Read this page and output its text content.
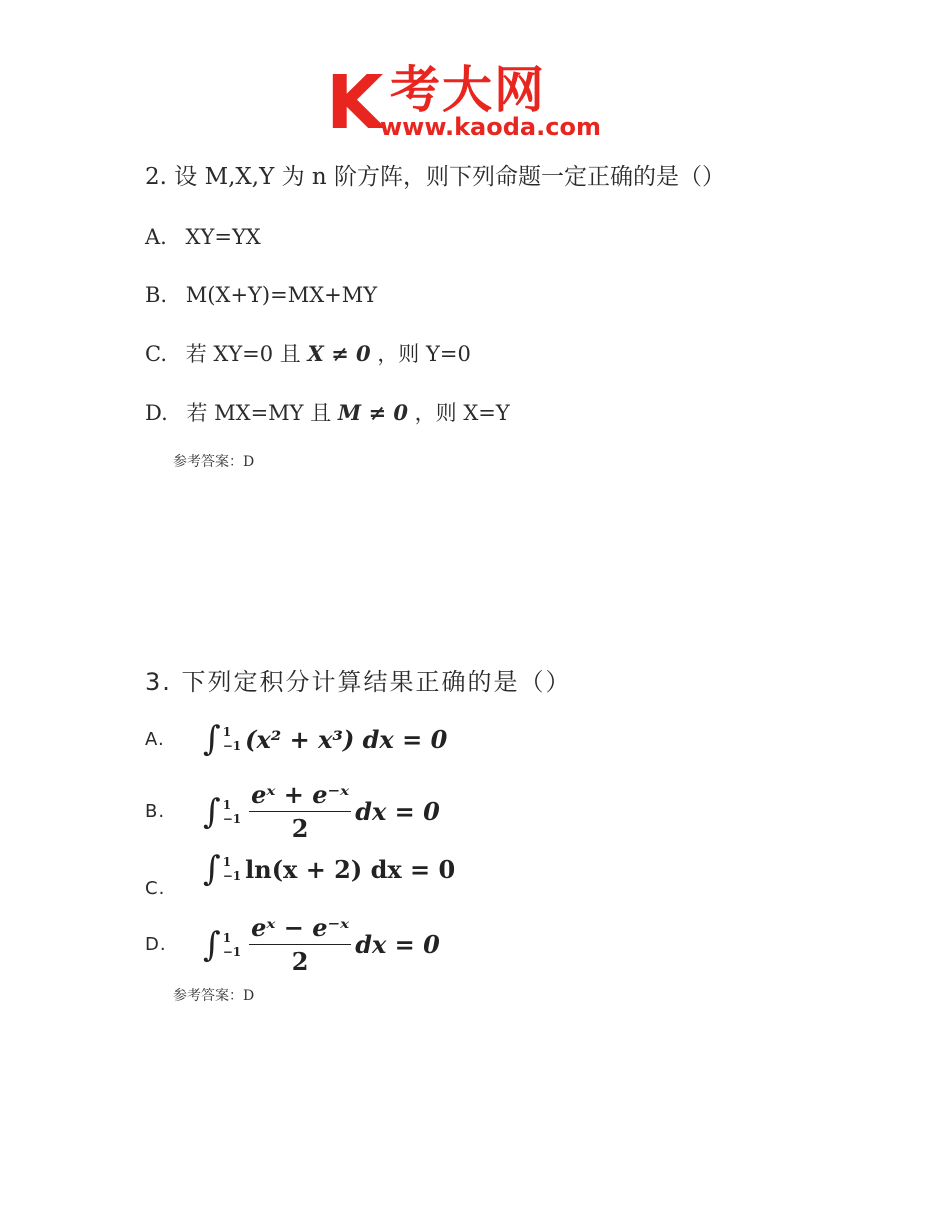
K 考大网
www.kaoda.com
2. 设 M,X,Y 为 n 阶方阵，则下列命题一定正确的是（）
A. XY=YX
B. M(X+Y)=MX+MY
C. 若 XY=0 且 X ≠ 0 ，则 Y=0
D. 若 MX=MY 且 M ≠ 0 ，则 X=Y
参考答案：D
3. 下列定积分计算结果正确的是（）
A.	∫ 1
−1 (x² + x³) dx = 0
B.	∫ 1
$-1 \frac{\text{eˣ + e⁻ˣ}}{2}$ dx = 0
C.	∫ 1
−1 ln(x + 2) dx = 0
D.	∫ 1
$-1 \frac{\text{eˣ − e⁻ˣ}}{2}$ dx = 0
参考答案：D
